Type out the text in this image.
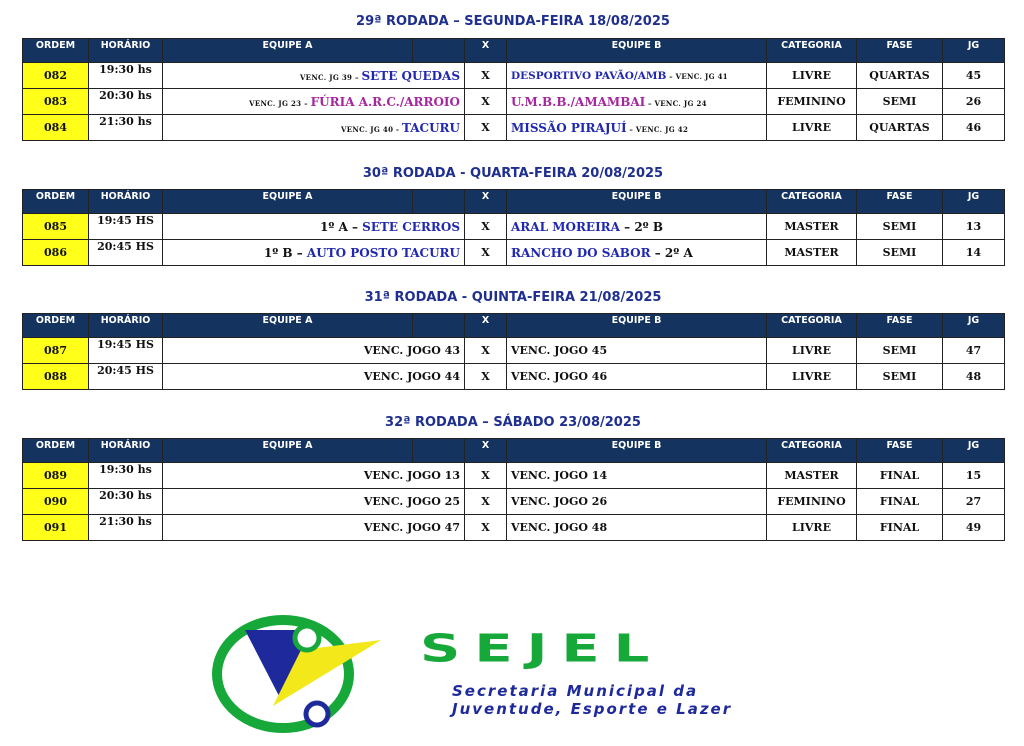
29ª RODADA – SEGUNDA-FEIRA 18/08/2025
ORDEM	HORÁRIO	EQUIPE A		X	EQUIPE B	CATEGORIA	FASE	JG
082	19:30 hs	VENC. JG 39 – SETE QUEDAS		X	DESPORTIVO PAVÃO/AMB – VENC. JG 41	LIVRE	QUARTAS	45
083	20:30 hs	VENC. JG 23 – FÚRIA A.R.C./ARROIO		X	U.M.B.B./AMAMBAI – VENC. JG 24	FEMININO	SEMI	26
084	21:30 hs	VENC. JG 40 - TACURU		X	MISSÃO PIRAJUÍ – VENC. JG 42	LIVRE	QUARTAS	46
30ª RODADA - QUARTA-FEIRA 20/08/2025
ORDEM	HORÁRIO	EQUIPE A		X	EQUIPE B	CATEGORIA	FASE	JG
085	19:45 HS	1º A – SETE CERROS		X	ARAL MOREIRA – 2º B	MASTER	SEMI	13
086	20:45 HS	1º B – AUTO POSTO TACURU		X	RANCHO DO SABOR – 2º A	MASTER	SEMI	14
31ª RODADA - QUINTA-FEIRA 21/08/2025
ORDEM	HORÁRIO	EQUIPE A		X	EQUIPE B	CATEGORIA	FASE	JG
087	19:45 HS	VENC. JOGO 43		X	VENC. JOGO 45	LIVRE	SEMI	47
088	20:45 HS	VENC. JOGO 44		X	VENC. JOGO 46	LIVRE	SEMI	48
32ª RODADA – SÁBADO 23/08/2025
ORDEM	HORÁRIO	EQUIPE A		X	EQUIPE B	CATEGORIA	FASE	JG
089	19:30 hs	VENC. JOGO 13		X	VENC. JOGO 14	MASTER	FINAL	15
090	20:30 hs	VENC. JOGO 25		X	VENC. JOGO 26	FEMININO	FINAL	27
091	21:30 hs	VENC. JOGO 47		X	VENC. JOGO 48	LIVRE	FINAL	49
SEJEL
Secretaria Municipal da
Juventude, Esporte e Lazer
